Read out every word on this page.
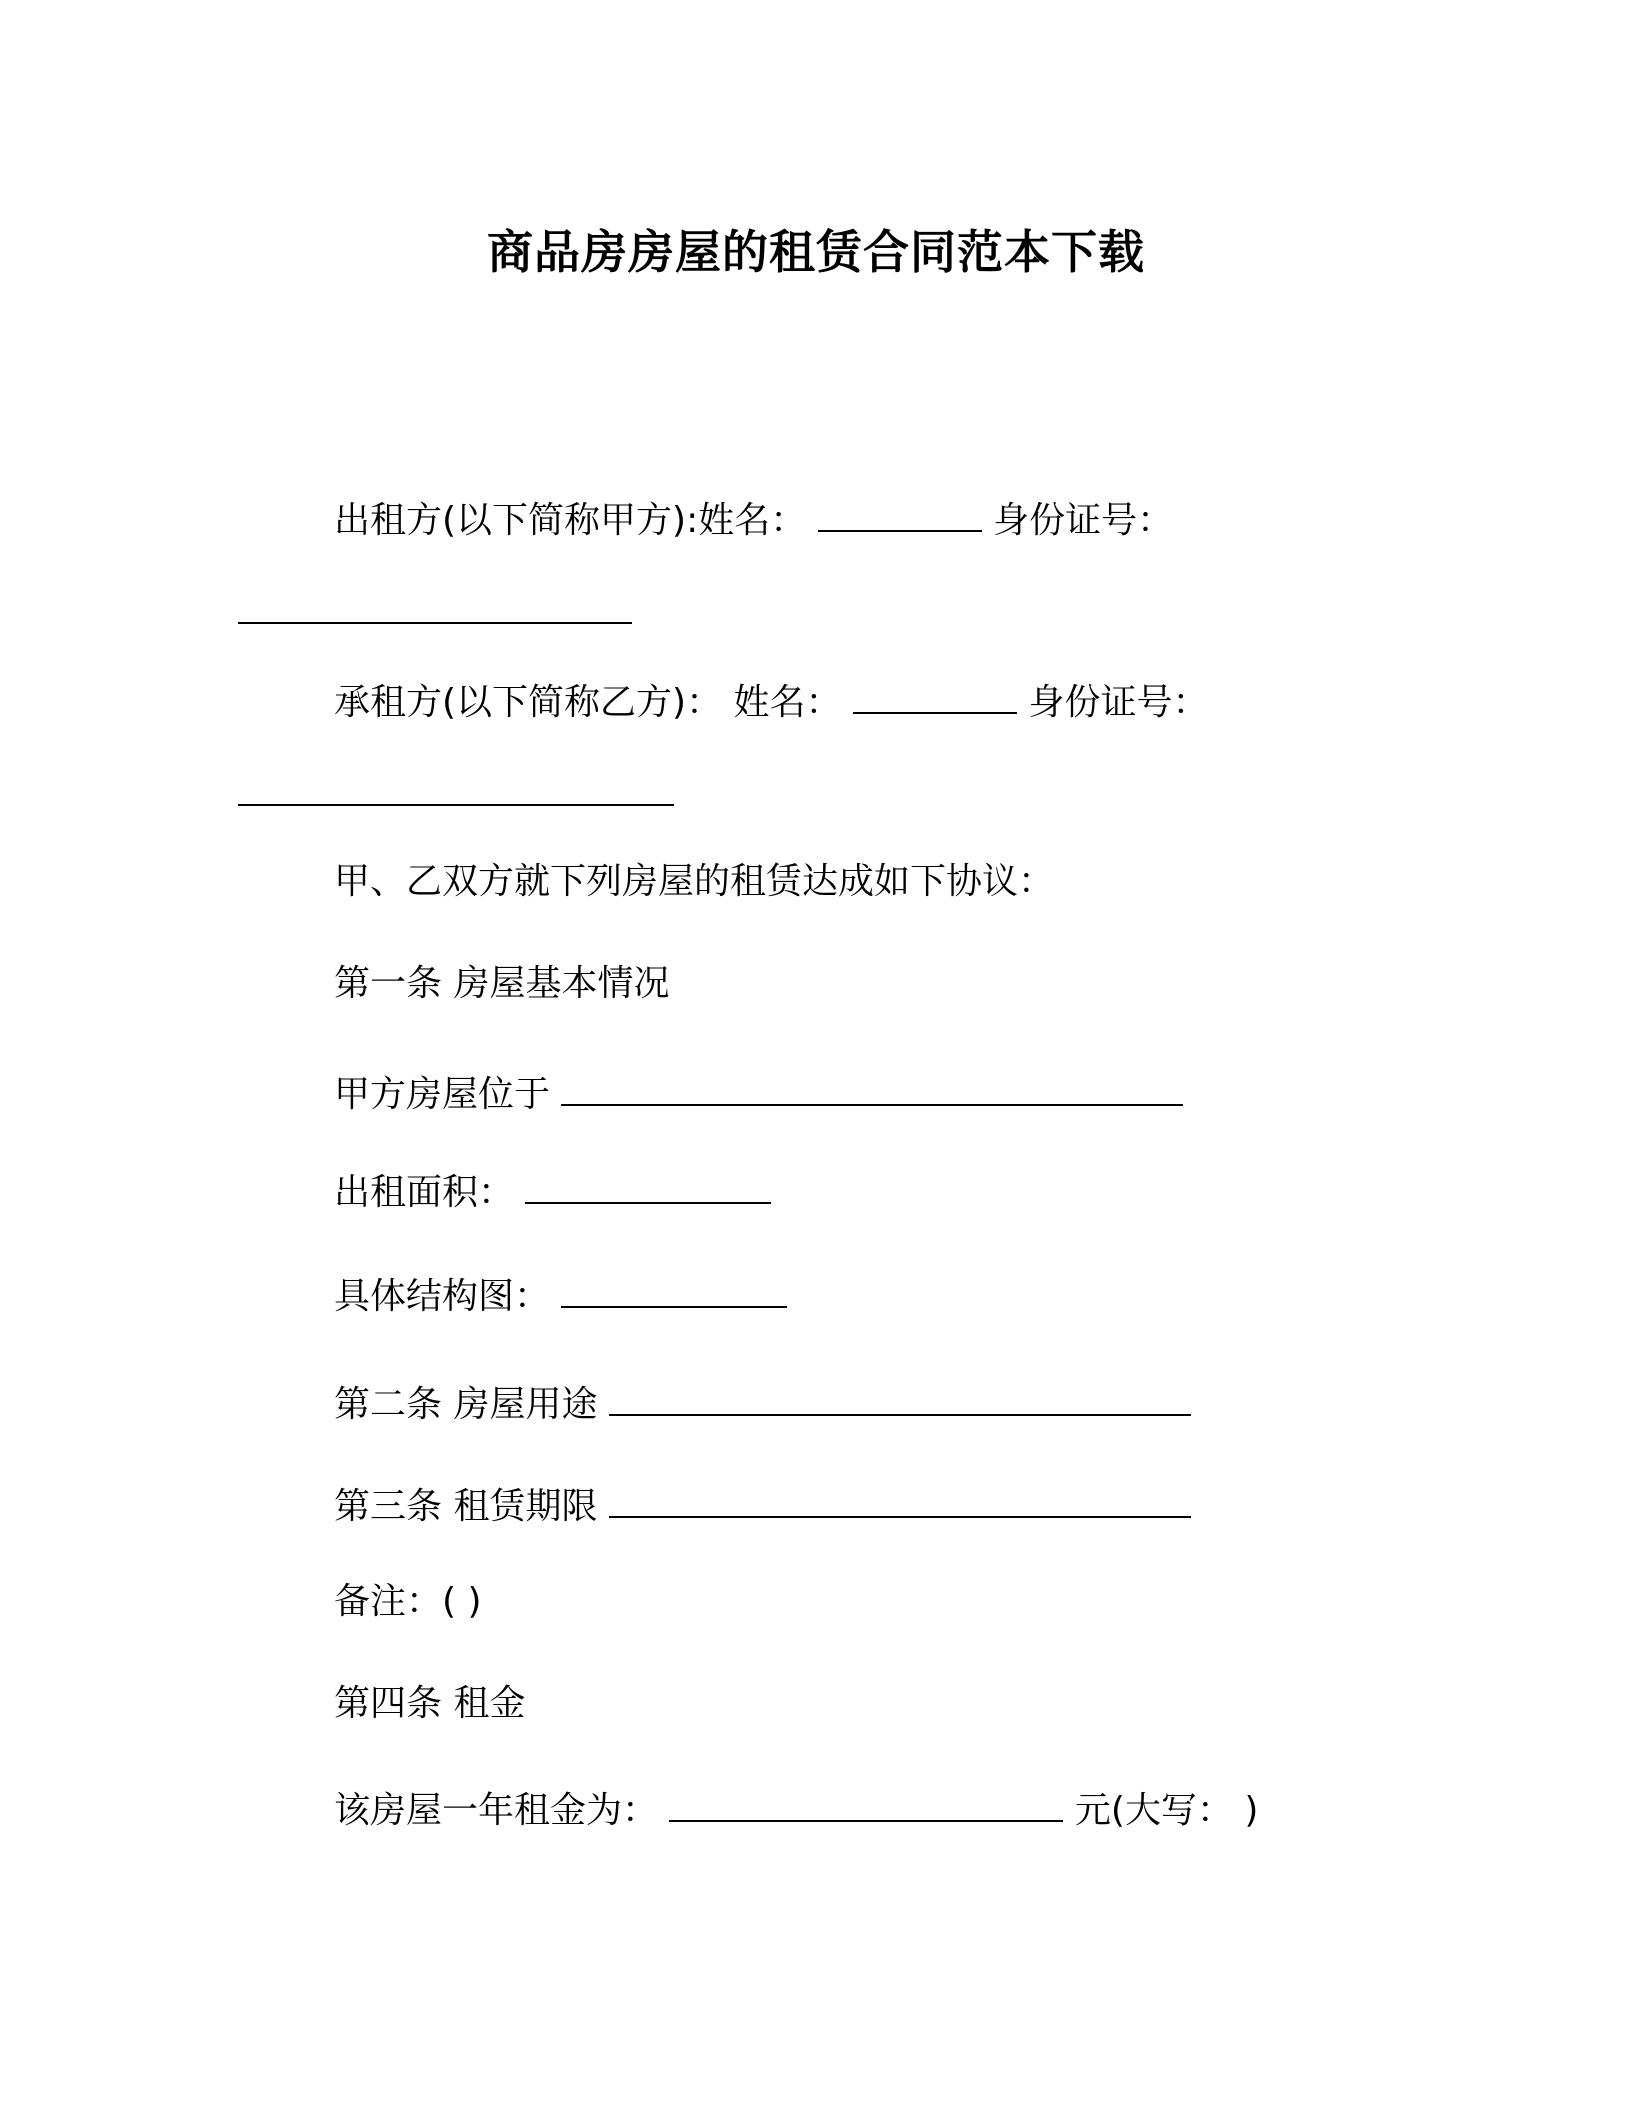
商品房房屋的租赁合同范本下载
出租方(以下简称甲方):姓名：	身份证号：
承租方(以下简称乙方)： 姓名：	身份证号：
甲、乙双方就下列房屋的租赁达成如下协议：
第一条 房屋基本情况
甲方房屋位于
出租面积：
具体结构图：
第二条 房屋用途
第三条 租赁期限
备注：( )
第四条 租金
该房屋一年租金为：	元(大写： )
